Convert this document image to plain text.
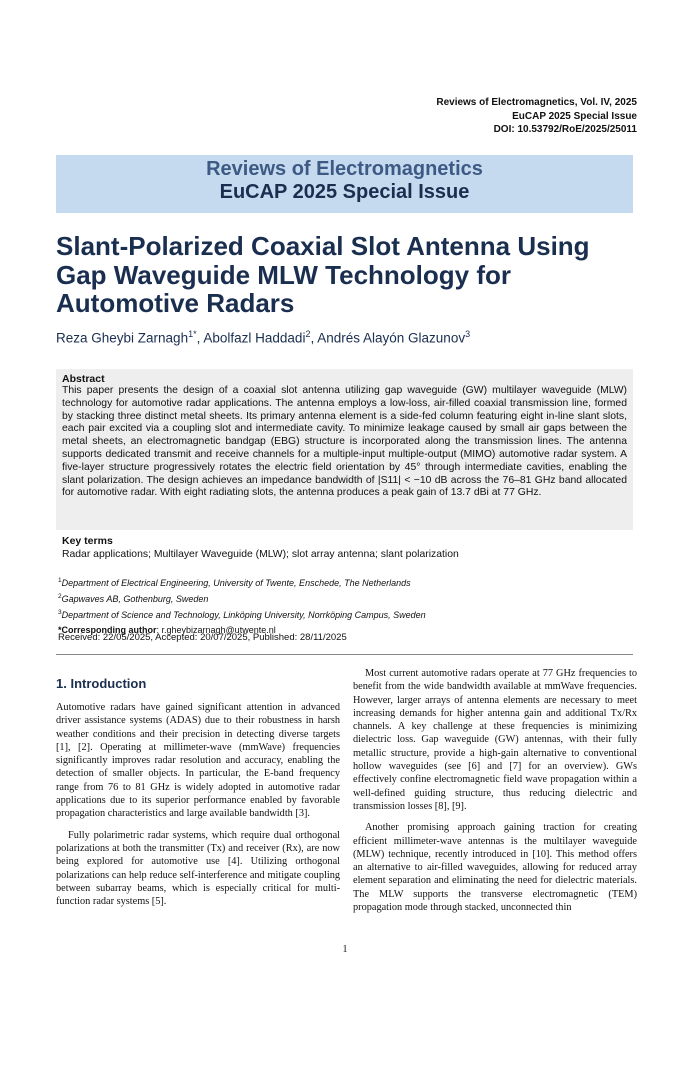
Reviews of Electromagnetics, Vol. IV, 2025
EuCAP 2025 Special Issue
DOI: 10.53792/RoE/2025/25011
Reviews of Electromagnetics
EuCAP 2025 Special Issue
Slant-Polarized Coaxial Slot Antenna Using Gap Waveguide MLW Technology for Automotive Radars
Reza Gheybi Zarnagh$^{1*}$, Abolfazl Haddadi$^2$, Andrés Alayón Glazunov$^3$
Abstract
This paper presents the design of a coaxial slot antenna utilizing gap waveguide (GW) multilayer waveguide (MLW) technology for automotive radar applications. The antenna employs a low-loss, air-filled coaxial transmission line, formed by stacking three distinct metal sheets. Its primary antenna element is a side-fed column featuring eight in-line slant slots, each pair excited via a coupling slot and intermediate cavity. To minimize leakage caused by small air gaps between the metal sheets, an electromagnetic bandgap (EBG) structure is incorporated along the transmission lines. The antenna supports dedicated transmit and receive channels for a multiple-input multiple-output (MIMO) automotive radar system. A five-layer structure progressively rotates the electric field orientation by 45° through intermediate cavities, enabling the slant polarization. The design achieves an impedance bandwidth of |S11| < −10 dB across the 76–81 GHz band allocated for automotive radar. With eight radiating slots, the antenna produces a peak gain of 13.7 dBi at 77 GHz.
Key terms
Radar applications; Multilayer Waveguide (MLW); slot array antenna; slant polarization
$^1$Department of Electrical Engineering, University of Twente, Enschede, The Netherlands
$^2$Gapwaves AB, Gothenburg, Sweden
$^3$Department of Science and Technology, Linköping University, Norrköping Campus, Sweden
*Corresponding author: r.gheybizarnagh@utwente.nl
Received: 22/05/2025, Accepted: 20/07/2025, Published: 28/11/2025
1. Introduction

Automotive radars have gained significant attention in advanced driver assistance systems (ADAS) due to their robustness in harsh weather conditions and their precision in detecting diverse targets [1], [2]. Operating at millimeter-wave (mmWave) frequencies significantly improves radar resolution and accuracy, enabling the detection of smaller objects. In particular, the E-band frequency range from 76 to 81 GHz is widely adopted in automotive radar applications due to its superior performance enabled by favorable propagation characteristics and large available bandwidth [3].

Fully polarimetric radar systems, which require dual orthogonal polarizations at both the transmitter (Tx) and receiver (Rx), are now being explored for automotive use [4]. Utilizing orthogonal polarizations can help reduce self-interference and mitigate coupling between subarray beams, which is especially critical for multi-function radar systems [5].

Most current automotive radars operate at 77 GHz frequencies to benefit from the wide bandwidth available at mmWave frequencies. However, larger arrays of antenna elements are necessary to meet increasing demands for higher antenna gain and additional Tx/Rx channels. A key challenge at these frequencies is minimizing dielectric loss. Gap waveguide (GW) antennas, with their fully metallic structure, provide a high-gain alternative to conventional hollow waveguides (see [6] and [7] for an overview). GWs effectively confine electromagnetic field wave propagation within a well-defined guiding structure, thus reducing dielectric and transmission losses [8], [9].

Another promising approach gaining traction for creating efficient millimeter-wave antennas is the multilayer waveguide (MLW) technique, recently introduced in [10]. This method offers an alternative to air-filled waveguides, allowing for reduced array element separation and eliminating the need for dielectric materials. The MLW supports the transverse electromagnetic (TEM) propagation mode through stacked, unconnected thin

1
